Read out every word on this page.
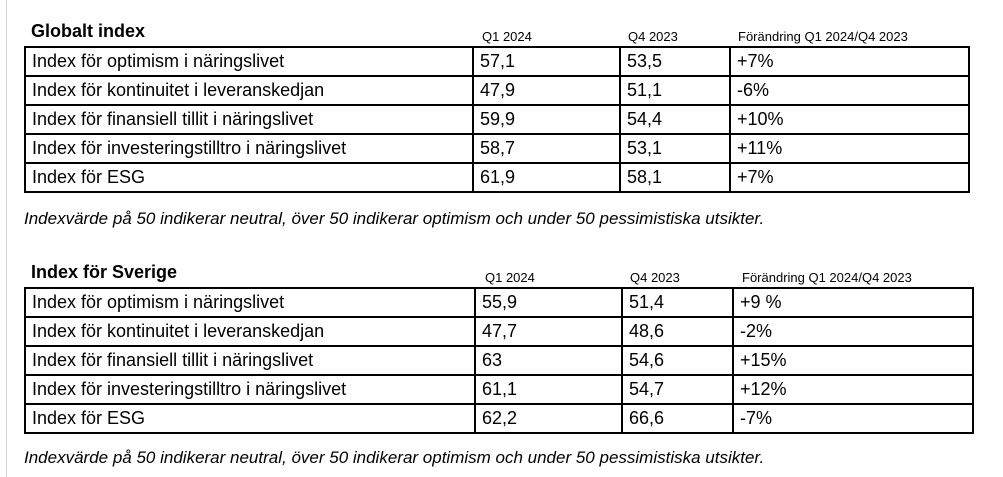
Globalt index	Q1 2024	Q4 2023	Förändring Q1 2024/Q4 2023
Index för optimism i näringslivet	57,1	53,5	+7%
Index för kontinuitet i leveranskedjan	47,9	51,1	-6%
Index för finansiell tillit i näringslivet	59,9	54,4	+10%
Index för investeringstilltro i näringslivet	58,7	53,1	+11%
Index för ESG	61,9	58,1	+7%
Indexvärde på 50 indikerar neutral, över 50 indikerar optimism och under 50 pessimistiska utsikter.
Index för Sverige	Q1 2024	Q4 2023	Förändring Q1 2024/Q4 2023
Index för optimism i näringslivet	55,9	51,4	+9 %
Index för kontinuitet i leveranskedjan	47,7	48,6	-2%
Index för finansiell tillit i näringslivet	63	54,6	+15%
Index för investeringstilltro i näringslivet	61,1	54,7	+12%
Index för ESG	62,2	66,6	-7%
Indexvärde på 50 indikerar neutral, över 50 indikerar optimism och under 50 pessimistiska utsikter.
